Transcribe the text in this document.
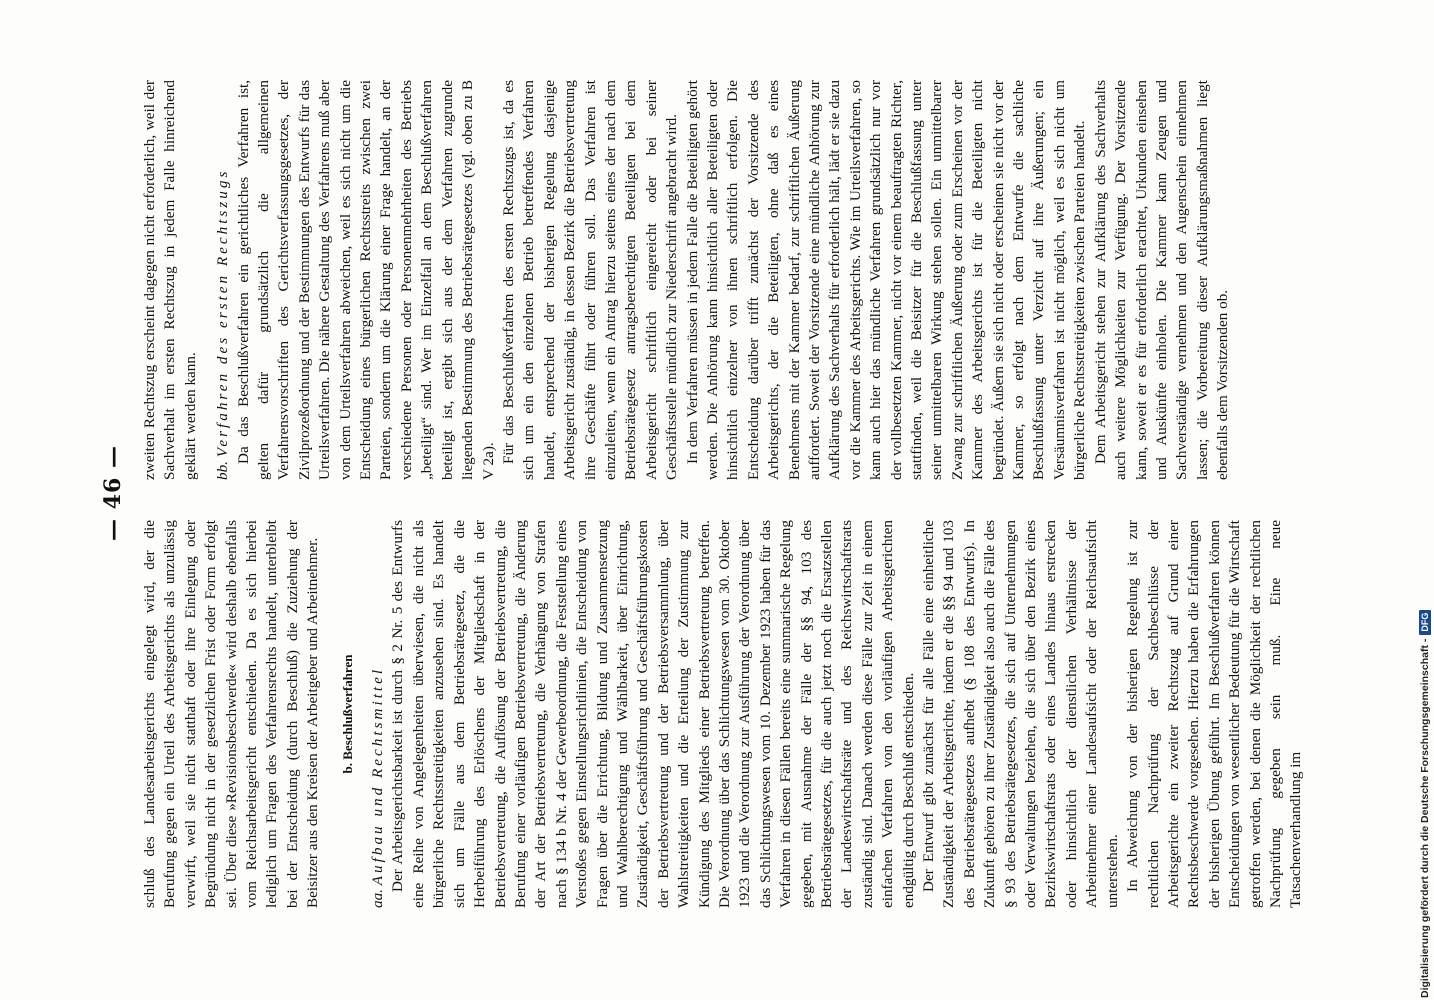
— 46 —

schluß des Landesarbeitsgerichts eingelegt wird, der die Berufung gegen ein Urteil des Arbeitsgerichts als unzulässig verwirft, weil sie nicht statthaft oder ihre Einlegung oder Begründung nicht in der gesetzlichen Frist oder Form erfolgt sei. Über diese »Revisionsbeschwerde« wird deshalb ebenfalls vom Reichsarbeitsgericht entschieden. Da es sich hierbei lediglich um Fragen des Verfahrensrechts handelt, unterbleibt bei der Entscheidung (durch Beschluß) die Zuziehung der Beisitzer aus den Kreisen der Arbeitgeber und Arbeitnehmer. b. Beschlußverfahren

aa. Aufbau und Rechtsmittel Der Arbeitsgerichtsbarkeit ist durch § 2 Nr. 5 des Entwurfs eine Reihe von Angelegenheiten überwiesen, die nicht als bürgerliche Rechtsstreitigkeiten anzusehen sind. Es handelt sich um Fälle aus dem Betriebsrätegesetz, die die Herbeiführung des Erlöschens der Mitgliedschaft in der Betriebsvertretung, die Auflösung der Betriebsvertretung, die Berufung einer vorläufigen Betriebsvertretung, die Änderung der Art der Betriebsvertretung, die Verhängung von Strafen nach § 134 b Nr. 4 der Gewerbeordnung, die Feststellung eines Verstoßes gegen Einstellungsrichtlinien, die Entscheidung von Fragen über die Errichtung, Bildung und Zusammensetzung und Wahlberechtigung und Wählbarkeit, über Einrichtung, Zuständigkeit, Geschäftsführung und Geschäftsführungskosten der Betriebsvertretung und der Betriebsversammlung, über Wahlstreitigkeiten und die Erteilung der Zustimmung zur Kündigung des Mitglieds einer Betriebsvertretung betreffen. Die Verordnung über das Schlichtungswesen vom 30. Oktober 1923 und die Verordnung zur Ausführung der Verordnung über das Schlichtungswesen vom 10. Dezember 1923 haben für das Verfahren in diesen Fällen bereits eine summarische Regelung gegeben, mit Ausnahme der Fälle der §§ 94, 103 des Betriebsrätegesetzes, für die auch jetzt noch die Ersatzstellen der Landeswirtschaftsräte und des Reichswirtschaftsrats zuständig sind. Danach werden diese Fälle zur Zeit in einem einfachen Verfahren von den vorläufigen Arbeitsgerichten endgültig durch Beschluß entschieden. Der Entwurf gibt zunächst für alle Fälle eine einheitliche Zuständigkeit der Arbeitsgerichte, indem er die §§ 94 und 103 des Betriebsrätegesetzes aufhebt (§ 108 des Entwurfs). In Zukunft gehören zu ihrer Zuständigkeit also auch die Fälle des § 93 des Betriebsrätegesetzes, die sich auf Unternehmungen oder Verwaltungen beziehen, die sich über den Bezirk eines Bezirkswirtschaftsrats oder eines Landes hinaus erstrecken oder hinsichtlich der dienstlichen Verhältnisse der Arbeitnehmer einer Landesaufsicht oder der Reichsaufsicht unterstehen. In Abweichung von der bisherigen Regelung ist zur rechtlichen Nachprüfung der Sachbeschlüsse der Arbeitsgerichte ein zweiter Rechtszug auf Grund einer Rechtsbeschwerde vorgesehen. Hierzu haben die Erfahrungen der bisherigen Übung geführt. Im Beschlußverfahren können Entscheidungen von wesentlicher Bedeutung für die Wirtschaft getroffen werden, bei denen die Möglichkeit der rechtlichen Nachprüfung gegeben sein muß. Eine neue Tatsachenverhandlung im

zweiten Rechtszug erscheint dagegen nicht erforderlich, weil der Sachverhalt im ersten Rechtszug in jedem Falle hinreichend geklärt werden kann. bb. Verfahren des ersten Rechtszugs Da das Beschlußverfahren ein gerichtliches Verfahren ist, gelten dafür grundsätzlich die allgemeinen Verfahrensvorschriften des Gerichtsverfassungsgesetzes, der Zivilprozeßordnung und der Bestimmungen des Entwurfs für das Urteilsverfahren. Die nähere Gestaltung des Verfahrens muß aber von dem Urteilsverfahren abweichen, weil es sich nicht um die Entscheidung eines bürgerlichen Rechtsstreits zwischen zwei Parteien, sondern um die Klärung einer Frage handelt, an der verschiedene Personen oder Personenmehrheiten des Betriebs „beteiligt“ sind. Wer im Einzelfall an dem Beschlußverfahren beteiligt ist, ergibt sich aus der dem Verfahren zugrunde liegenden Bestimmung des Betriebsrätegesetzes (vgl. oben zu B V 2a). Für das Beschlußverfahren des ersten Rechtszugs ist, da es sich um ein den einzelnen Betrieb betreffendes Verfahren handelt, entsprechend der bisherigen Regelung dasjenige Arbeitsgericht zuständig, in dessen Bezirk die Betriebsvertretung ihre Geschäfte führt oder führen soll. Das Verfahren ist einzuleiten, wenn ein Antrag hierzu seitens eines der nach dem Betriebsrätegesetz antragsberechtigten Beteiligten bei dem Arbeitsgericht schriftlich eingereicht oder bei seiner Geschäftsstelle mündlich zur Niederschrift angebracht wird. In dem Verfahren müssen in jedem Falle die Beteiligten gehört werden. Die Anhörung kann hinsichtlich aller Beteiligten oder hinsichtlich einzelner von ihnen schriftlich erfolgen. Die Entscheidung darüber trifft zunächst der Vorsitzende des Arbeitsgerichts, der die Beteiligten, ohne daß es eines Benehmens mit der Kammer bedarf, zur schriftlichen Äußerung auffordert. Soweit der Vorsitzende eine mündliche Anhörung zur Aufklärung des Sachverhalts für erforderlich hält, lädt er sie dazu vor die Kammer des Arbeitsgerichts. Wie im Urteilsverfahren, so kann auch hier das mündliche Verfahren grundsätzlich nur vor der vollbesetzten Kammer, nicht vor einem beauftragten Richter, stattfinden, weil die Beisitzer für die Beschlußfassung unter seiner unmittelbaren Wirkung stehen sollen. Ein unmittelbarer Zwang zur schriftlichen Äußerung oder zum Erscheinen vor der Kammer des Arbeitsgerichts ist für die Beteiligten nicht begründet. Äußern sie sich nicht oder erscheinen sie nicht vor der Kammer, so erfolgt nach dem Entwurfe die sachliche Beschlußfassung unter Verzicht auf ihre Äußerungen; ein Versäumnisverfahren ist nicht möglich, weil es sich nicht um bürgerliche Rechtsstreitigkeiten zwischen Parteien handelt. Dem Arbeitsgericht stehen zur Aufklärung des Sachverhalts auch weitere Möglichkeiten zur Verfügung. Der Vorsitzende kann, soweit er es für erforderlich erachtet, Urkunden einsehen und Auskünfte einholen. Die Kammer kann Zeugen und Sachverständige vernehmen und den Augenschein einnehmen lassen; die Vorbereitung dieser Aufklärungsmaßnahmen liegt ebenfalls dem Vorsitzenden ob.

Digitalisierung gefördert durch die Deutsche Forschungsgemeinschaft -
DFG
